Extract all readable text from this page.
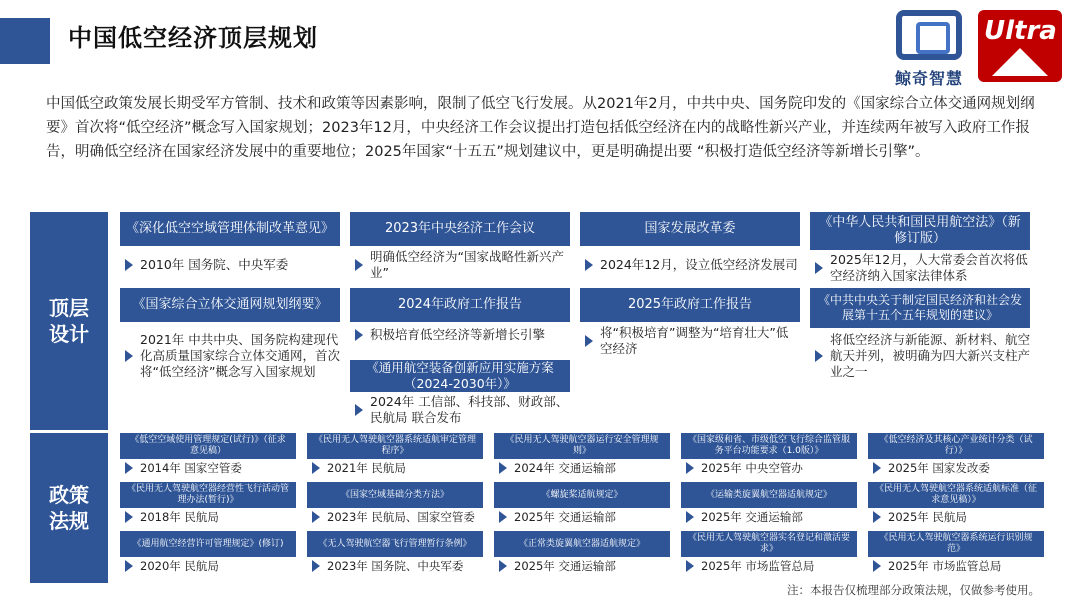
中国低空经济顶层规划
鲸奇智慧
Ultra

中国低空政策发展长期受军方管制、技术和政策等因素影响，限制了低空飞行发展。从2021年2月，中共中央、国务院印发的《国家综合立体交通网规划纲要》首次将“低空经济”概念写入国家规划；2023年12月，中央经济工作会议提出打造包括低空经济在内的战略性新兴产业，并连续两年被写入政府工作报告，明确低空经济在国家经济发展中的重要地位；2025年国家“十五五”规划建议中，更是明确提出要 “积极打造低空经济等新增长引擎”。

顶层
设计
政策
法规
《深化低空空域管理体制改革意见》
2010年 国务院、中央军委
2023年中央经济工作会议
明确低空经济为“国家战略性新兴产业”
国家发展改革委
2024年12月，设立低空经济发展司
《中华人民共和国民用航空法》（新修订版）
2025年12月，人大常委会首次将低空经济纳入国家法律体系
《国家综合立体交通网规划纲要》
2021年 中共中央、国务院构建现代化高质量国家综合立体交通网，首次将“低空经济”概念写入国家规划
2024年政府工作报告
积极培育低空经济等新增长引擎
2025年政府工作报告
将“积极培育”调整为“培育壮大”低空经济
《中共中央关于制定国民经济和社会发展第十五个五年规划的建议》
将低空经济与新能源、新材料、航空航天并列，被明确为四大新兴支柱产业之一
《通用航空装备创新应用实施方案（2024-2030年）》
2024年 工信部、科技部、财政部、民航局 联合发布
《低空空域使用管理规定(试行)》（征求意见稿）
2014年 国家空管委
《民用无人驾驶航空器系统适航审定管理程序》
2021年 民航局
《民用无人驾驶航空器运行安全管理规则》
2024年 交通运输部
《国家级和省、市级低空飞行综合监管服务平台功能要求（1.0版）》
2025年 中央空管办
《低空经济及其核心产业统计分类（试行）》
2025年 国家发改委
《民用无人驾驶航空器经营性飞行活动管理办法(暂行)》
2018年 民航局
《国家空域基础分类方法》
2023年 民航局、国家空管委
《螺旋桨适航规定》
2025年 交通运输部
《运输类旋翼航空器适航规定》
2025年 交通运输部
《民用无人驾驶航空器系统适航标准（征求意见稿）》
2025年 民航局
《通用航空经营许可管理规定》(修订)
2020年 民航局
《无人驾驶航空器飞行管理暂行条例》
2023年 国务院、中央军委
《正常类旋翼航空器适航规定》
2025年 交通运输部
《民用无人驾驶航空器实名登记和激活要求》
2025年 市场监管总局
《民用无人驾驶航空器系统运行识别规范》
2025年 市场监管总局
注：本报告仅梳理部分政策法规，仅做参考使用。
